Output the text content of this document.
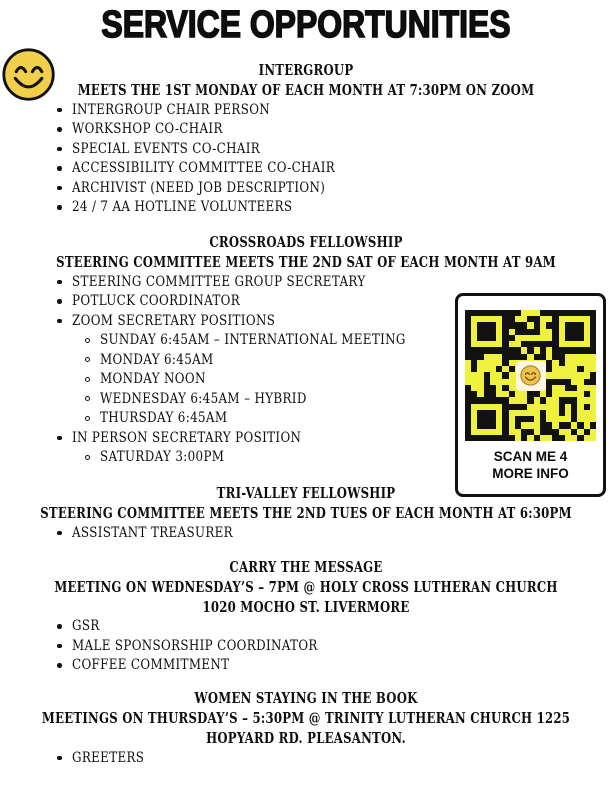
SERVICE OPPORTUNITIES
SCAN ME 4 MORE INFO
INTERGROUP
MEETS THE 1ST MONDAY OF EACH MONTH AT 7:30PM ON ZOOM
INTERGROUP CHAIR PERSON
WORKSHOP CO-CHAIR
SPECIAL EVENTS CO-CHAIR
ACCESSIBILITY COMMITTEE CO-CHAIR
ARCHIVIST (NEED JOB DESCRIPTION)
24 / 7 AA HOTLINE VOLUNTEERS
CROSSROADS FELLOWSHIP
STEERING COMMITTEE MEETS THE 2ND SAT OF EACH MONTH AT 9AM
STEERING COMMITTEE GROUP SECRETARY
POTLUCK COORDINATOR
ZOOM SECRETARY POSITIONS
SUNDAY 6:45AM – INTERNATIONAL MEETING
MONDAY 6:45AM
MONDAY NOON
WEDNESDAY 6:45AM – HYBRID
THURSDAY 6:45AM
IN PERSON SECRETARY POSITION
SATURDAY 3:00PM
TRI-VALLEY FELLOWSHIP
STEERING COMMITTEE MEETS THE 2ND TUES OF EACH MONTH AT 6:30PM
ASSISTANT TREASURER
CARRY THE MESSAGE
MEETING ON WEDNESDAY’S – 7PM @ HOLY CROSS LUTHERAN CHURCH
1020 MOCHO ST. LIVERMORE
GSR
MALE SPONSORSHIP COORDINATOR
COFFEE COMMITMENT
WOMEN STAYING IN THE BOOK
MEETINGS ON THURSDAY’S – 5:30PM @ TRINITY LUTHERAN CHURCH 1225
HOPYARD RD. PLEASANTON.
GREETERS
